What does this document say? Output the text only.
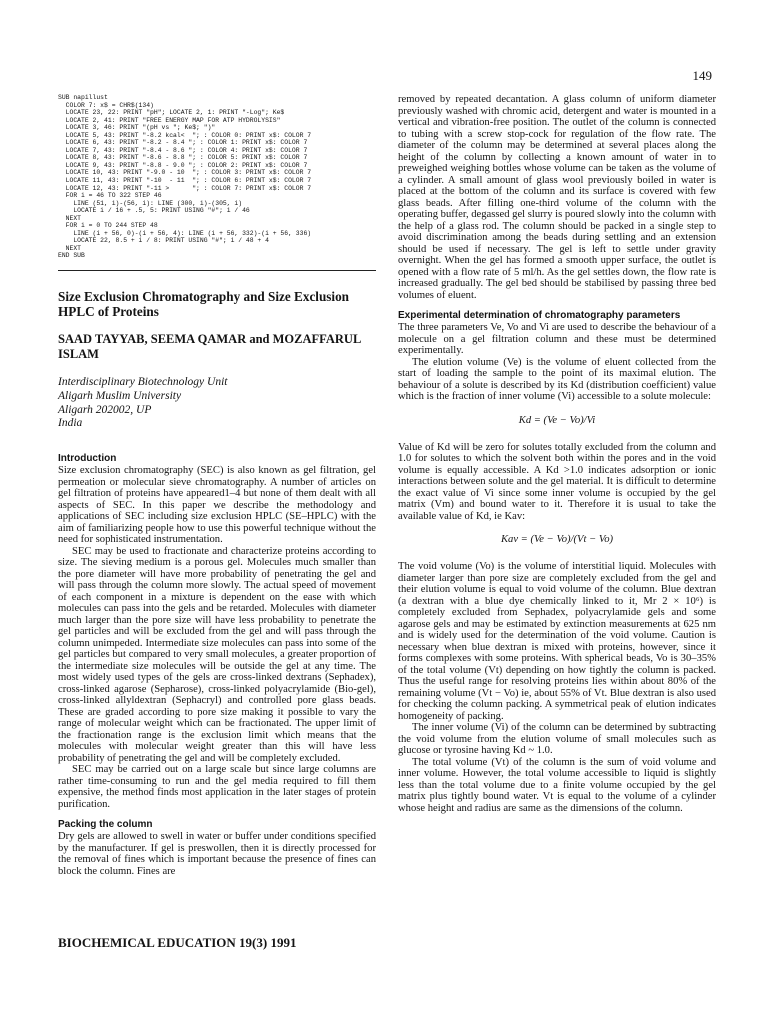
149
SUB napillust
COLOR 7: x$ = CHR$(134)
LOCATE 23, 22: PRINT "pH"; LOCATE 2, 1: PRINT "-Log"; Ke$
LOCATE 2, 41: PRINT "FREE ENERGY MAP FOR ATP HYDROLYSIS"
LOCATE 3, 46: PRINT "(pH vs "; Ke$; ")"
LOCATE 5, 43: PRINT "-8.2 kcal<  "; : COLOR 0: PRINT x$: COLOR 7
LOCATE 6, 43: PRINT "-8.2 - 8.4 "; : COLOR 1: PRINT x$: COLOR 7
LOCATE 7, 43: PRINT "-8.4 - 8.6 "; : COLOR 4: PRINT x$: COLOR 7
LOCATE 8, 43: PRINT "-8.6 - 8.8 "; : COLOR 5: PRINT x$: COLOR 7
LOCATE 9, 43: PRINT "-8.8 - 9.0 "; : COLOR 2: PRINT x$: COLOR 7
LOCATE 10, 43: PRINT "-9.0 - 10  "; : COLOR 3: PRINT x$: COLOR 7
LOCATE 11, 43: PRINT "-10  - 11  "; : COLOR 6: PRINT x$: COLOR 7
LOCATE 12, 43: PRINT "-11 >      "; : COLOR 7: PRINT x$: COLOR 7
FOR i = 46 TO 322 STEP 46
LINE (51, i)-(56, i): LINE (300, i)-(305, i)
LOCATE i / 16 + .5, 5: PRINT USING "#"; i / 46
NEXT
FOR i = 0 TO 244 STEP 48
LINE (i + 56, 0)-(i + 56, 4): LINE (i + 56, 332)-(i + 56, 336)
LOCATE 22, 8.5 + i / 8: PRINT USING "#"; i / 48 + 4
NEXT
END SUB
Size Exclusion Chromatography and Size Exclusion HPLC of Proteins
SAAD TAYYAB, SEEMA QAMAR and MOZAFFARUL ISLAM
Interdisciplinary Biotechnology Unit
Aligarh Muslim University
Aligarh 202002, UP
India
Introduction

Size exclusion chromatography (SEC) is also known as gel filtration, gel permeation or molecular sieve chromatography. A number of articles on gel filtration of proteins have appeared1–4 but none of them dealt with all aspects of SEC. In this paper we describe the methodology and applications of SEC including size exclusion HPLC (SE–HPLC) with the aim of familiarizing people how to use this powerful technique without the need for sophisticated instrumentation.

SEC may be used to fractionate and characterize proteins according to size. The sieving medium is a porous gel. Molecules much smaller than the pore diameter will have more probability of penetrating the gel and will pass through the column more slowly. The actual speed of movement of each component in a mixture is dependent on the ease with which molecules can pass into the gels and be retarded. Molecules with diameter much larger than the pore size will have less probability to penetrate the gel particles and will be excluded from the gel and will pass through the column unimpeded. Intermediate size molecules can pass into some of the gel particles but compared to very small molecules, a greater proportion of the intermediate size molecules will be outside the gel at any time. The most widely used types of the gels are cross-linked dextrans (Sephadex), cross-linked agarose (Sepharose), cross-linked polyacrylamide (Bio-gel), cross-linked allyldextran (Sephacryl) and controlled pore glass beads. These are graded according to pore size making it possible to vary the range of molecular weight which can be fractionated. The upper limit of the fractionation range is the exclusion limit which means that the molecules with molecular weight greater than this will have less probability of penetrating the gel and will be completely excluded.

SEC may be carried out on a large scale but since large columns are rather time-consuming to run and the gel media required to fill them expensive, the method finds most application in the later stages of protein purification.

Packing the column

Dry gels are allowed to swell in water or buffer under conditions specified by the manufacturer. If gel is preswollen, then it is directly processed for the removal of fines which is important because the presence of fines can block the column. Fines are

removed by repeated decantation. A glass column of uniform diameter previously washed with chromic acid, detergent and water is mounted in a vertical and vibration-free position. The outlet of the column is connected to tubing with a screw stop-cock for regulation of the flow rate. The diameter of the column may be determined at several places along the height of the column by collecting a known amount of water in to preweighed weighing bottles whose volume can be taken as the volume of a cylinder. A small amount of glass wool previously boiled in water is placed at the bottom of the column and its surface is covered with few glass beads. After filling one-third volume of the column with the operating buffer, degassed gel slurry is poured slowly into the column with the help of a glass rod. The column should be packed in a single step to avoid discrimination among the beads during settling and an extension should be used if necessary. The gel is left to settle under gravity overnight. When the gel has formed a smooth upper surface, the outlet is opened with a flow rate of 5 ml/h. As the gel settles down, the flow rate is increased gradually. The gel bed should be stabilised by passing three bed volumes of eluent.

Experimental determination of chromatography parameters

The three parameters Ve, Vo and Vi are used to describe the behaviour of a molecule on a gel filtration column and these must be determined experimentally.

The elution volume (Ve) is the volume of eluent collected from the start of loading the sample to the point of its maximal elution. The behaviour of a solute is described by its Kd (distribution coefficient) value which is the fraction of inner volume (Vi) accessible to a solute molecule:

Kd = (Ve − Vo)/Vi

Value of Kd will be zero for solutes totally excluded from the column and 1.0 for solutes to which the solvent both within the pores and in the void volume is equally accessible. A Kd >1.0 indicates adsorption or ionic interactions between solute and the gel material. It is difficult to determine the exact value of Vi since some inner volume is occupied by the gel matrix (Vm) and bound water to it. Therefore it is usual to take the available value of Kd, ie Kav:

Kav = (Ve − Vo)/(Vt − Vo)

The void volume (Vo) is the volume of interstitial liquid. Molecules with diameter larger than pore size are completely excluded from the gel and their elution volume is equal to void volume of the column. Blue dextran (a dextran with a blue dye chemically linked to it, Mr 2 × 10⁶) is completely excluded from Sephadex, polyacrylamide gels and some agarose gels and may be estimated by extinction measurements at 625 nm and is widely used for the determination of the void volume. Caution is necessary when blue dextran is mixed with proteins, however, since it forms complexes with some proteins. With spherical beads, Vo is 30–35% of the total volume (Vt) depending on how tightly the column is packed. Thus the useful range for resolving proteins lies within about 80% of the remaining volume (Vt − Vo) ie, about 55% of Vt. Blue dextran is also used for checking the column packing. A symmetrical peak of elution indicates homogeneity of packing.

The inner volume (Vi) of the column can be determined by subtracting the void volume from the elution volume of small molecules such as glucose or tyrosine having Kd ~ 1.0.

The total volume (Vt) of the column is the sum of void volume and inner volume. However, the total volume accessible to liquid is slightly less than the total volume due to a finite volume occupied by the gel matrix plus tightly bound water. Vt is equal to the volume of a cylinder whose height and radius are same as the dimensions of the column.

BIOCHEMICAL EDUCATION 19(3) 1991
